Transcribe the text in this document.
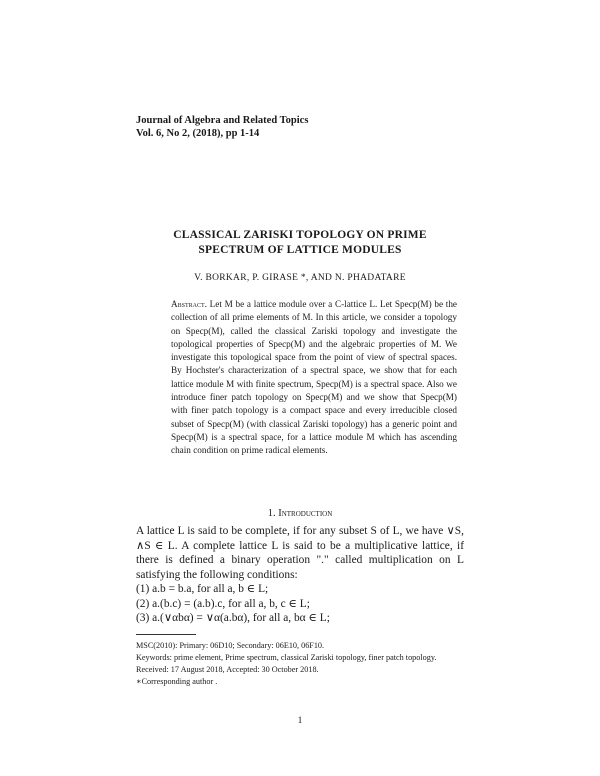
Journal of Algebra and Related Topics
Vol. 6, No 2, (2018), pp 1-14
CLASSICAL ZARISKI TOPOLOGY ON PRIME
SPECTRUM OF LATTICE MODULES
V. BORKAR, P. GIRASE *, AND N. PHADATARE
Abstract. Let M be a lattice module over a C-lattice L. Let Specp(M) be the collection of all prime elements of M. In this article, we consider a topology on Specp(M), called the classical Zariski topology and investigate the topological properties of Specp(M) and the algebraic properties of M. We investigate this topological space from the point of view of spectral spaces. By Hochster's characterization of a spectral space, we show that for each lattice module M with finite spectrum, Specp(M) is a spectral space. Also we introduce finer patch topology on Specp(M) and we show that Specp(M) with finer patch topology is a compact space and every irreducible closed subset of Specp(M) (with classical Zariski topology) has a generic point and Specp(M) is a spectral space, for a lattice module M which has ascending chain condition on prime radical elements.
1. Introduction

A lattice L is said to be complete, if for any subset S of L, we have ∨S, ∧S ∈ L. A complete lattice L is said to be a multiplicative lattice, if there is defined a binary operation "." called multiplication on L satisfying the following conditions:

(1) a.b = b.a, for all a, b ∈ L;

(2) a.(b.c) = (a.b).c, for all a, b, c ∈ L;

(3) a.(∨αbα) = ∨α(a.bα), for all a, bα ∈ L;

MSC(2010): Primary: 06D10; Secondary: 06E10, 06F10.
Keywords: prime element, Prime spectrum, classical Zariski topology, finer patch topology.
Received: 17 August 2018, Accepted: 30 October 2018.
∗Corresponding author .
1
